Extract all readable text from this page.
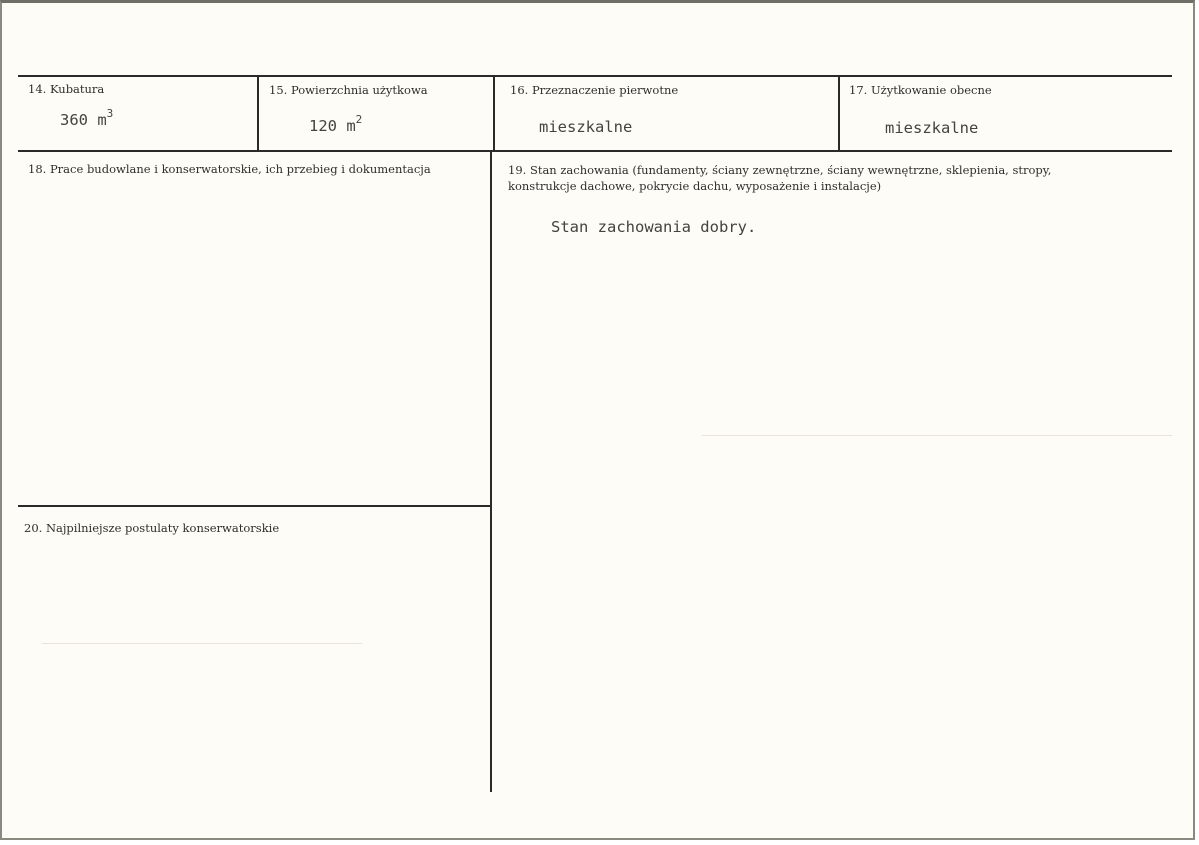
14. Kubatura
360 $m^3$
15. Powierzchnia użytkowa
120 $m^2$
16. Przeznaczenie pierwotne
mieszkalne
17. Użytkowanie obecne
mieszkalne
18. Prace budowlane i konserwatorskie, ich przebieg i dokumentacja	19. Stan zachowania (fundamenty, ściany zewnętrzne, ściany wewnętrzne, sklepienia, stropy,
konstrukcje dachowe, pokrycie dachu, wyposażenie i instalacje)
Stan zachowania dobry.
20. Najpilniejsze postulaty konserwatorskie
